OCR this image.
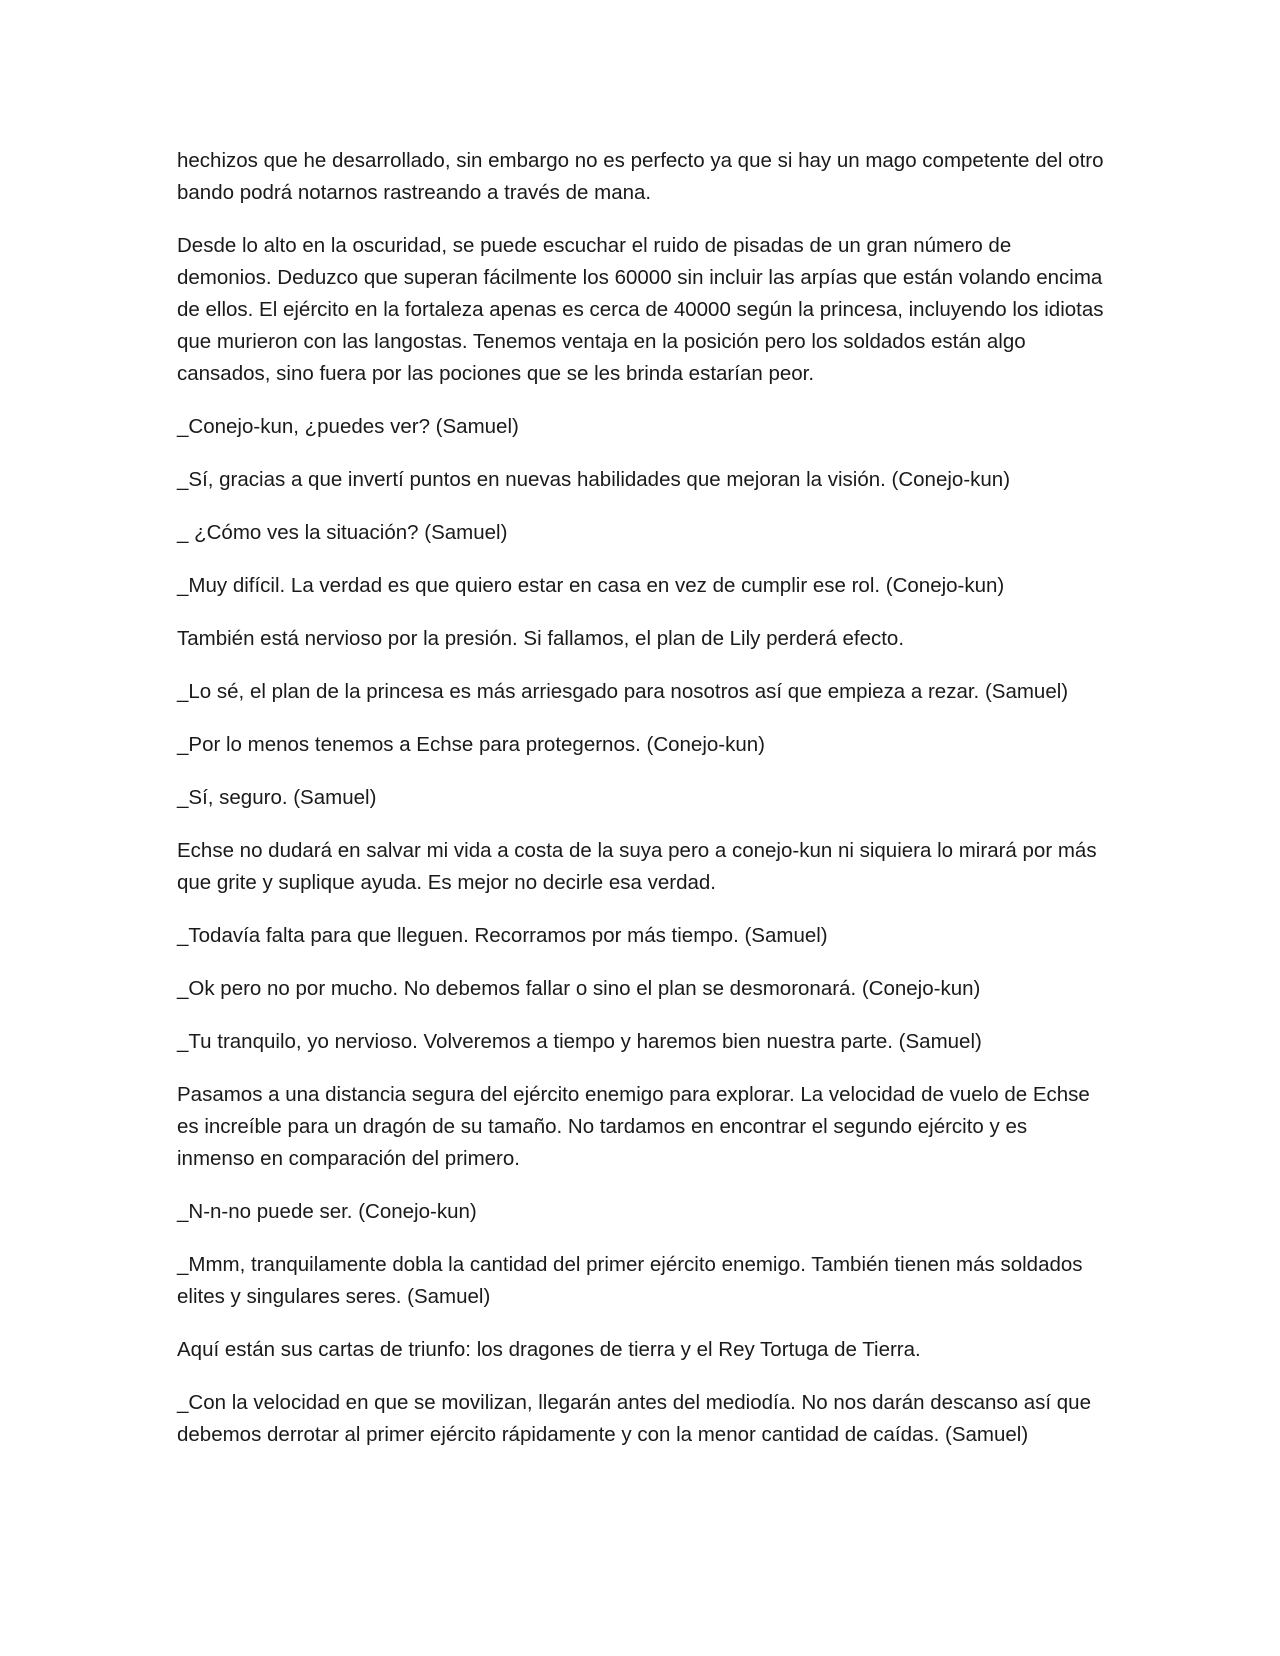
hechizos que he desarrollado, sin embargo no es perfecto ya que si hay un mago competente del otro bando podrá notarnos rastreando a través de mana.

Desde lo alto en la oscuridad, se puede escuchar el ruido de pisadas de un gran número de demonios. Deduzco que superan fácilmente los 60000 sin incluir las arpías que están volando encima de ellos. El ejército en la fortaleza apenas es cerca de 40000 según la princesa, incluyendo los idiotas que murieron con las langostas. Tenemos ventaja en la posición pero los soldados están algo cansados, sino fuera por las pociones que se les brinda estarían peor.

_Conejo-kun, ¿puedes ver? (Samuel)

_Sí, gracias a que invertí puntos en nuevas habilidades que mejoran la visión. (Conejo-kun)

_ ¿Cómo ves la situación? (Samuel)

_Muy difícil. La verdad es que quiero estar en casa en vez de cumplir ese rol. (Conejo-kun)

También está nervioso por la presión. Si fallamos, el plan de Lily perderá efecto.

_Lo sé, el plan de la princesa es más arriesgado para nosotros así que empieza a rezar. (Samuel)

_Por lo menos tenemos a Echse para protegernos. (Conejo-kun)

_Sí, seguro. (Samuel)

Echse no dudará en salvar mi vida a costa de la suya pero a conejo-kun ni siquiera lo mirará por más que grite y suplique ayuda. Es mejor no decirle esa verdad.

_Todavía falta para que lleguen. Recorramos por más tiempo. (Samuel)

_Ok pero no por mucho. No debemos fallar o sino el plan se desmoronará. (Conejo-kun)

_Tu tranquilo, yo nervioso. Volveremos a tiempo y haremos bien nuestra parte. (Samuel)

Pasamos a una distancia segura del ejército enemigo para explorar. La velocidad de vuelo de Echse es increíble para un dragón de su tamaño. No tardamos en encontrar el segundo ejército y es inmenso en comparación del primero.

_N-n-no puede ser. (Conejo-kun)

_Mmm, tranquilamente dobla la cantidad del primer ejército enemigo. También tienen más soldados elites y singulares seres. (Samuel)

Aquí están sus cartas de triunfo: los dragones de tierra y el Rey Tortuga de Tierra.

_Con la velocidad en que se movilizan, llegarán antes del mediodía. No nos darán descanso así que debemos derrotar al primer ejército rápidamente y con la menor cantidad de caídas. (Samuel)
